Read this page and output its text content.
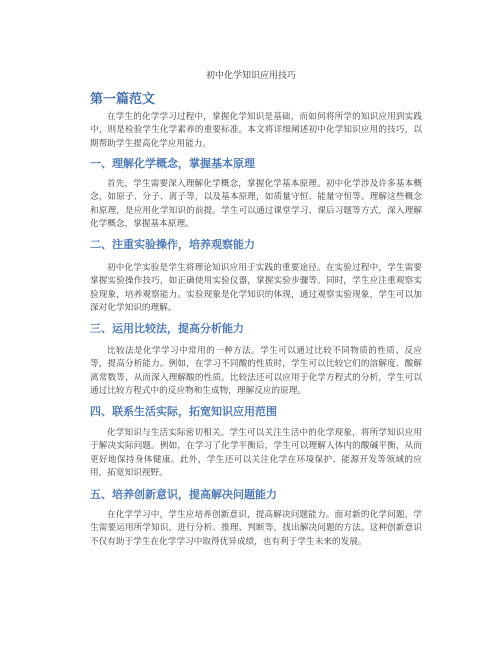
初中化学知识应用技巧

第一篇范文

在学生的化学学习过程中，掌握化学知识是基础，而如何将所学的知识应用到实践中，则是检验学生化学素养的重要标准。本文将详细阐述初中化学知识应用的技巧，以期帮助学生提高化学应用能力。

一、理解化学概念，掌握基本原理

首先，学生需要深入理解化学概念，掌握化学基本原理。初中化学涉及许多基本概念，如原子、分子、离子等，以及基本原理，如质量守恒、能量守恒等。理解这些概念和原理，是应用化学知识的前提。学生可以通过课堂学习、课后习题等方式，深入理解化学概念，掌握基本原理。

二、注重实验操作，培养观察能力

初中化学实验是学生将理论知识应用于实践的重要途径。在实验过程中，学生需要掌握实验操作技巧，如正确使用实验仪器，掌握实验步骤等。同时，学生应注重观察实验现象，培养观察能力。实验现象是化学知识的体现，通过观察实验现象，学生可以加深对化学知识的理解。

三、运用比较法，提高分析能力

比较法是化学学习中常用的一种方法。学生可以通过比较不同物质的性质、反应等，提高分析能力。例如，在学习不同酸的性质时，学生可以比较它们的溶解度、酸解离常数等，从而深入理解酸的性质。比较法还可以应用于化学方程式的分析，学生可以通过比较方程式中的反应物和生成物，理解反应的原理。

四、联系生活实际，拓宽知识应用范围

化学知识与生活实际密切相关。学生可以关注生活中的化学现象，将所学知识应用于解决实际问题。例如，在学习了化学平衡后，学生可以理解人体内的酸碱平衡，从而更好地保持身体健康。此外，学生还可以关注化学在环境保护、能源开发等领域的应用，拓宽知识视野。

五、培养创新意识，提高解决问题能力

在化学学习中，学生应培养创新意识，提高解决问题能力。面对新的化学问题，学生需要运用所学知识，进行分析、推理、判断等，找出解决问题的方法。这种创新意识不仅有助于学生在化学学习中取得优异成绩，也有利于学生未来的发展。
